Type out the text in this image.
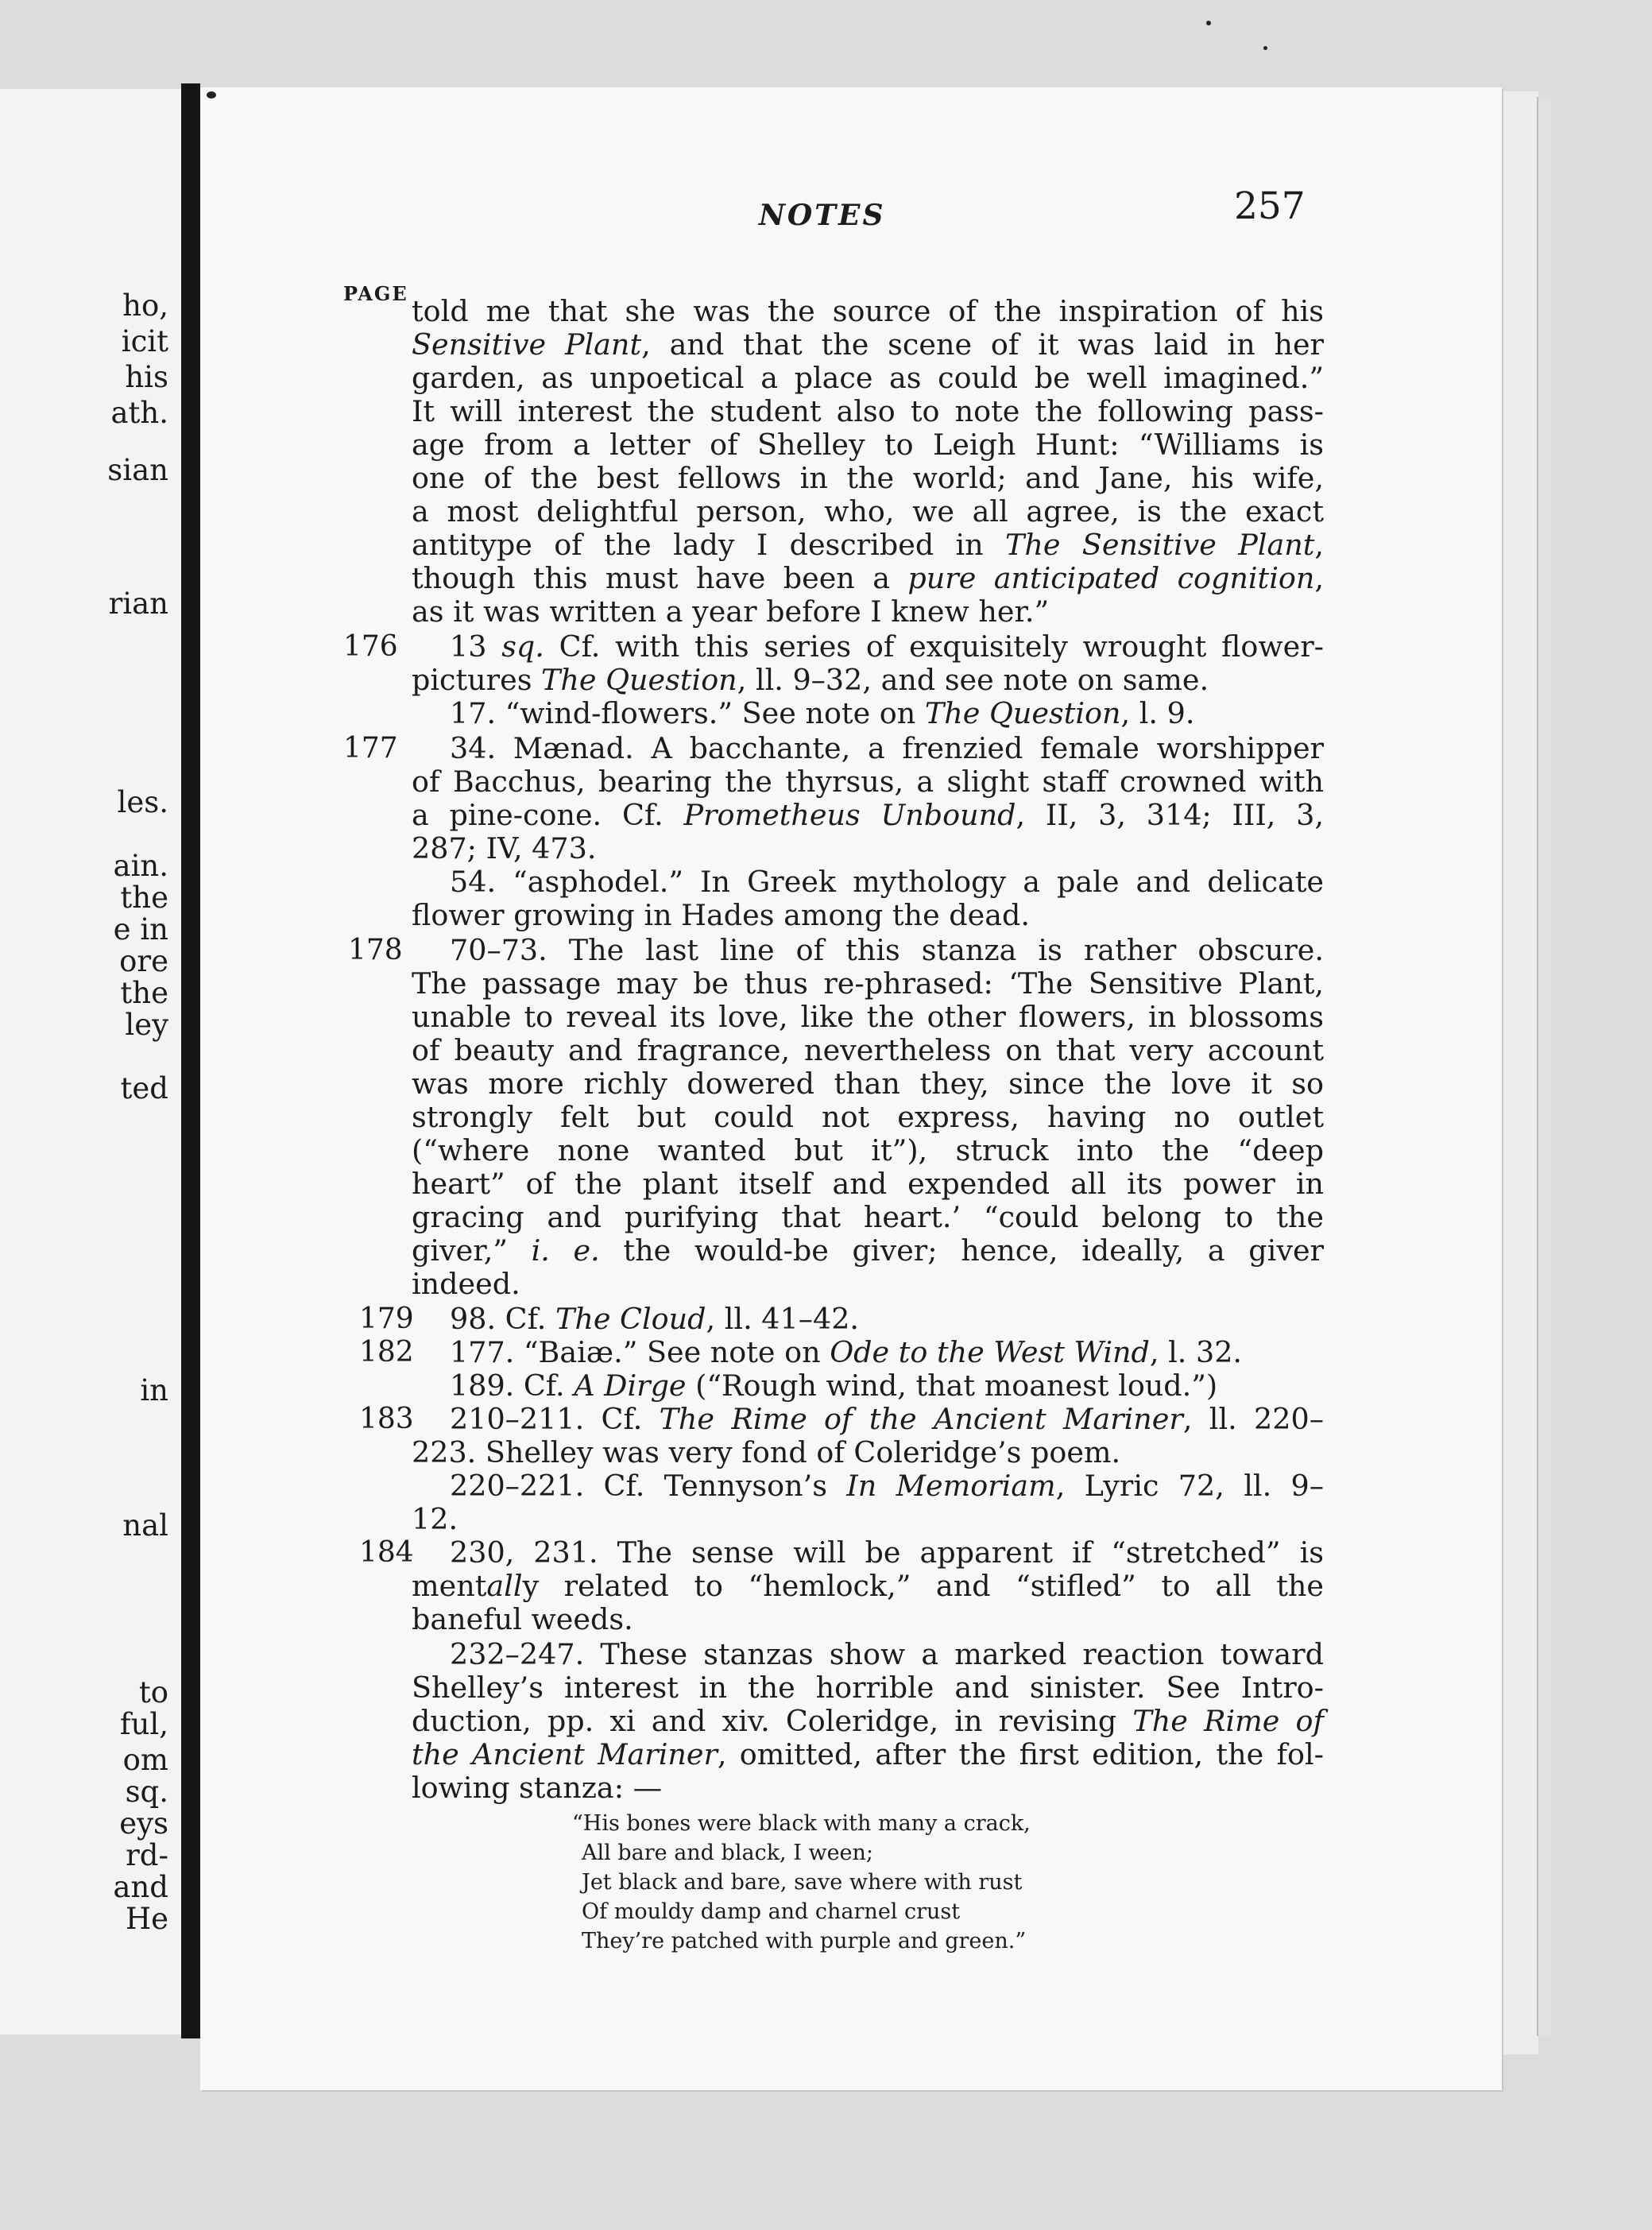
ho,
icit
his
ath.
sian
rian
les.
ain.
the
e in
ore
the
ley
ted
in
nal
to
ful,
om
sq.
eys
rd-
and
He
NOTES	257
PAGE
told me that she was the source of the inspiration of his
Sensitive Plant, and that the scene of it was laid in her
garden, as unpoetical a place as could be well imagined.”
It will interest the student also to note the following pass-
age from a letter of Shelley to Leigh Hunt: “Williams is
one of the best fellows in the world; and Jane, his wife,
a most delightful person, who, we all agree, is the exact
antitype of the lady I described in The Sensitive Plant,
though this must have been a pure anticipated cognition,
as it was written a year before I knew her.”
13 sq. Cf. with this series of exquisitely wrought flower-
pictures The Question, ll. 9–32, and see note on same.
17. “wind-flowers.” See note on The Question, l. 9.
34. Mænad. A bacchante, a frenzied female worshipper
of Bacchus, bearing the thyrsus, a slight staff crowned with
a pine-cone. Cf. Prometheus Unbound, II, 3, 314; III, 3,
287; IV, 473.
54. “asphodel.” In Greek mythology a pale and delicate
flower growing in Hades among the dead.
70–73. The last line of this stanza is rather obscure.
The passage may be thus re-phrased: ‘The Sensitive Plant,
unable to reveal its love, like the other flowers, in blossoms
of beauty and fragrance, nevertheless on that very account
was more richly dowered than they, since the love it so
strongly felt but could not express, having no outlet
(“where none wanted but it”), struck into the “deep
heart” of the plant itself and expended all its power in
gracing and purifying that heart.’ “could belong to the
giver,” i. e. the would-be giver; hence, ideally, a giver
indeed.
98. Cf. The Cloud, ll. 41–42.
177. “Baiæ.” See note on Ode to the West Wind, l. 32.
189. Cf. A Dirge (“Rough wind, that moanest loud.”)
210–211. Cf. The Rime of the Ancient Mariner, ll. 220–
223. Shelley was very fond of Coleridge’s poem.
220–221. Cf. Tennyson’s In Memoriam, Lyric 72, ll. 9–
12.
230, 231. The sense will be apparent if “stretched” is
mentally related to “hemlock,” and “stifled” to all the
baneful weeds.
232–247. These stanzas show a marked reaction toward
Shelley’s interest in the horrible and sinister. See Intro-
duction, pp. xi and xiv. Coleridge, in revising The Rime of
the Ancient Mariner, omitted, after the first edition, the fol-
lowing stanza: —
176
177
178
179
182
183
184
“His bones were black with many a crack,
All bare and black, I ween;
Jet black and bare, save where with rust
Of mouldy damp and charnel crust
They’re patched with purple and green.”
